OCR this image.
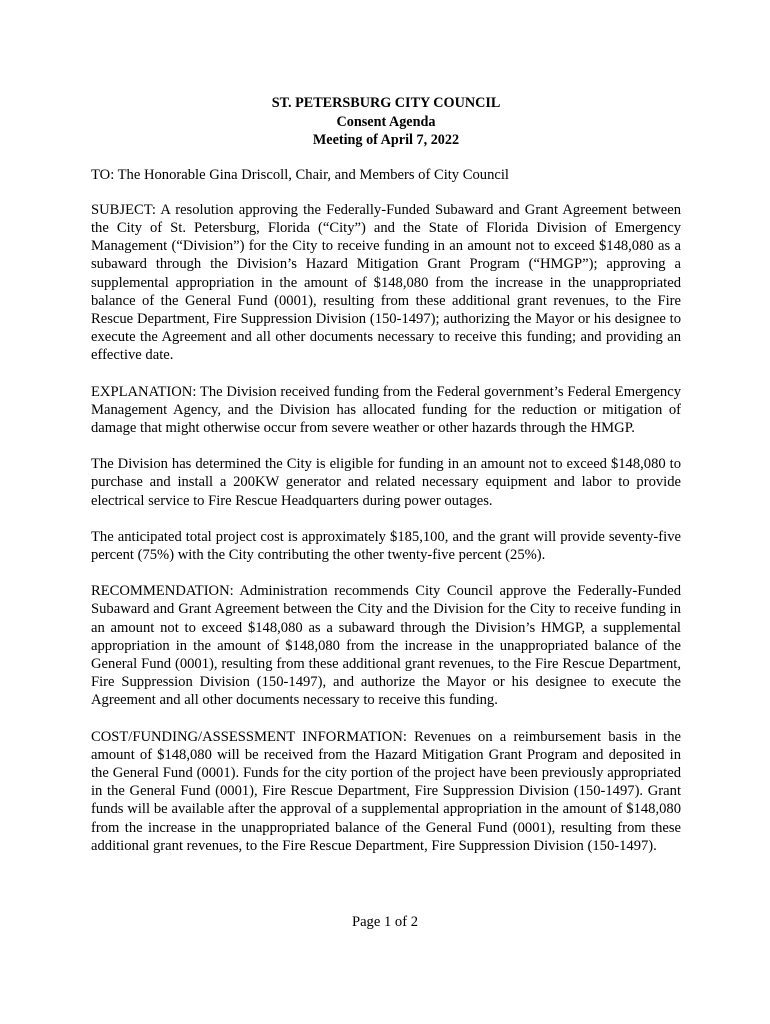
ST. PETERSBURG CITY COUNCIL
Consent Agenda
Meeting of April 7, 2022

TO: The Honorable Gina Driscoll, Chair, and Members of City Council

SUBJECT: A resolution approving the Federally-Funded Subaward and Grant Agreement between the City of St. Petersburg, Florida (“City”) and the State of Florida Division of Emergency Management (“Division”) for the City to receive funding in an amount not to exceed $148,080 as a subaward through the Division’s Hazard Mitigation Grant Program (“HMGP”); approving a supplemental appropriation in the amount of $148,080 from the increase in the unappropriated balance of the General Fund (0001), resulting from these additional grant revenues, to the Fire Rescue Department, Fire Suppression Division (150-1497); authorizing the Mayor or his designee to execute the Agreement and all other documents necessary to receive this funding; and providing an effective date.

EXPLANATION: The Division received funding from the Federal government’s Federal Emergency Management Agency, and the Division has allocated funding for the reduction or mitigation of damage that might otherwise occur from severe weather or other hazards through the HMGP.

The Division has determined the City is eligible for funding in an amount not to exceed $148,080 to purchase and install a 200KW generator and related necessary equipment and labor to provide electrical service to Fire Rescue Headquarters during power outages.

The anticipated total project cost is approximately $185,100, and the grant will provide seventy-five percent (75%) with the City contributing the other twenty-five percent (25%).

RECOMMENDATION: Administration recommends City Council approve the Federally-Funded Subaward and Grant Agreement between the City and the Division for the City to receive funding in an amount not to exceed $148,080 as a subaward through the Division’s HMGP, a supplemental appropriation in the amount of $148,080 from the increase in the unappropriated balance of the General Fund (0001), resulting from these additional grant revenues, to the Fire Rescue Department, Fire Suppression Division (150-1497), and authorize the Mayor or his designee to execute the Agreement and all other documents necessary to receive this funding.

COST/FUNDING/ASSESSMENT INFORMATION: Revenues on a reimbursement basis in the amount of $148,080 will be received from the Hazard Mitigation Grant Program and deposited in the General Fund (0001). Funds for the city portion of the project have been previously appropriated in the General Fund (0001), Fire Rescue Department, Fire Suppression Division (150-1497). Grant funds will be available after the approval of a supplemental appropriation in the amount of $148,080 from the increase in the unappropriated balance of the General Fund (0001), resulting from these additional grant revenues, to the Fire Rescue Department, Fire Suppression Division (150-1497).

Page 1 of 2
